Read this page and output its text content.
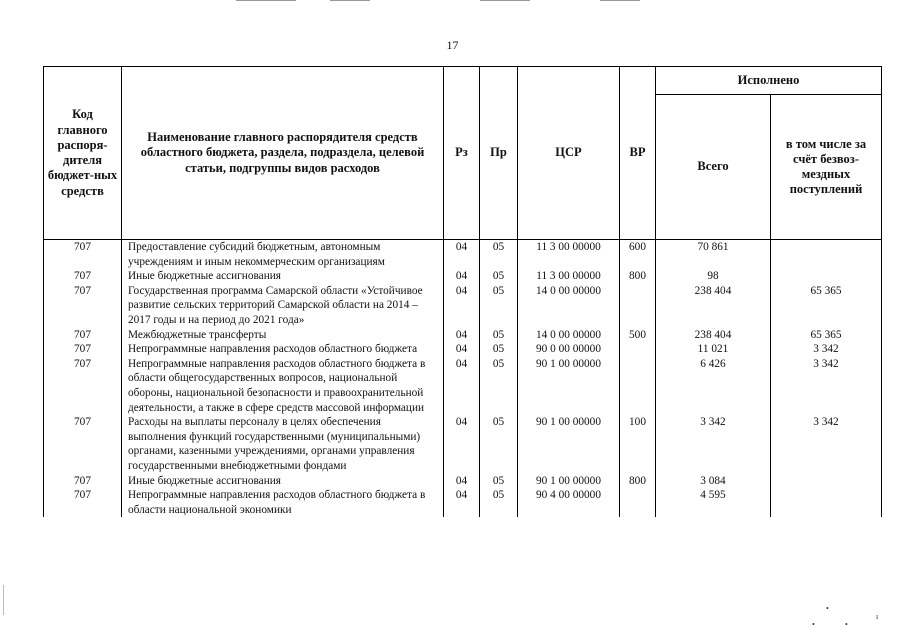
17
Код главного распоря-дителя бюджет-ных средств	Наименование главного распорядителя средств областного бюджета, раздела, подраздела, целевой статьи, подгруппы видов расходов	Рз	Пр	ЦСР	ВР	Исполнено	
						Всего	в том числе за счёт безвоз-мездных поступлений
707	Предоставление субсидий бюджетным, автономным учреждениям и иным некоммерческим организациям	04	05	11 3 00 00000	600	70 861	
707	Иные бюджетные ассигнования	04	05	11 3 00 00000	800	98	
707	Государственная программа Самарской области «Устойчивое развитие сельских территорий Самарской области на 2014 – 2017 годы и на период до 2021 года»	04	05	14 0 00 00000		238 404	65 365
707	Межбюджетные трансферты	04	05	14 0 00 00000	500	238 404	65 365
707	Непрограммные направления расходов областного бюджета	04	05	90 0 00 00000		11 021	3 342
707	Непрограммные направления расходов областного бюджета в области общегосударственных вопросов, национальной обороны, национальной безопасности и правоохранительной деятельности, а также в сфере средств массовой информации	04	05	90 1 00 00000		6 426	3 342
707	Расходы на выплаты персоналу в целях обеспечения выполнения функций государственными (муниципальными) органами, казенными учреждениями, органами управления государственными внебюджетными фондами	04	05	90 1 00 00000	100	3 342	3 342
707	Иные бюджетные ассигнования	04	05	90 1 00 00000	800	3 084	
707	Непрограммные направления расходов областного бюджета в области национальной экономики	04	05	90 4 00 00000		4 595	
•
•	•
ı
